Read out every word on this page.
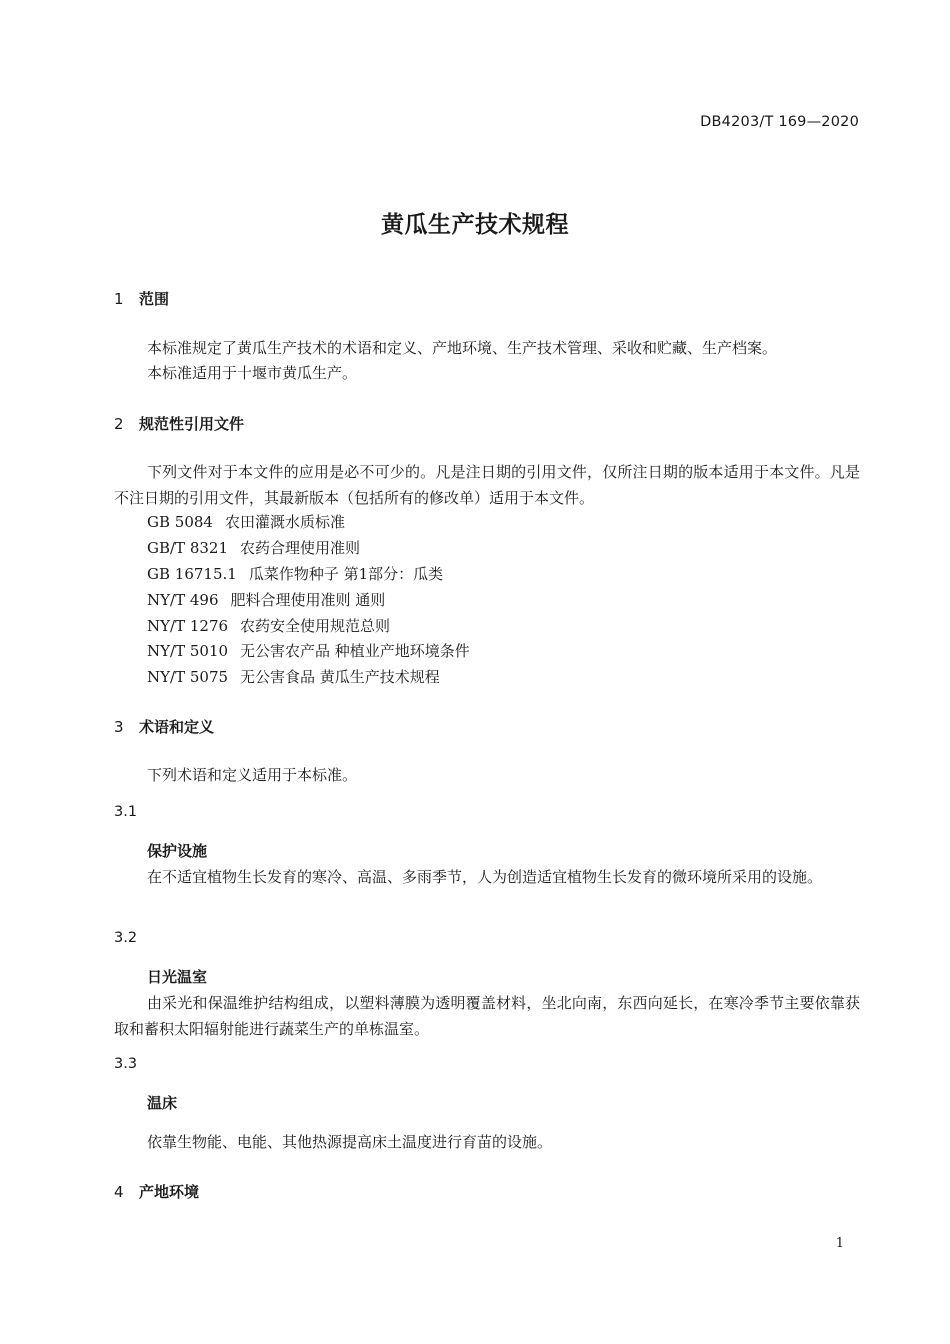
DB4203/T 169—2020
黄瓜生产技术规程
1 范围
本标准规定了黄瓜生产技术的术语和定义、产地环境、生产技术管理、采收和贮藏、生产档案。
本标准适用于十堰市黄瓜生产。
2 规范性引用文件
下列文件对于本文件的应用是必不可少的。凡是注日期的引用文件，仅所注日期的版本适用于本文件。凡是不注日期的引用文件，其最新版本（包括所有的修改单）适用于本文件。
GB 5084 农田灌溉水质标准
GB/T 8321 农药合理使用准则
GB 16715.1 瓜菜作物种子 第1部分：瓜类
NY/T 496 肥料合理使用准则 通则
NY/T 1276 农药安全使用规范总则
NY/T 5010 无公害农产品 种植业产地环境条件
NY/T 5075 无公害食品 黄瓜生产技术规程
3 术语和定义
下列术语和定义适用于本标准。
3.1
保护设施
在不适宜植物生长发育的寒冷、高温、多雨季节，人为创造适宜植物生长发育的微环境所采用的设施。
3.2
日光温室
由采光和保温维护结构组成，以塑料薄膜为透明覆盖材料，坐北向南，东西向延长，在寒冷季节主要依靠获取和蓄积太阳辐射能进行蔬菜生产的单栋温室。
3.3
温床
依靠生物能、电能、其他热源提高床土温度进行育苗的设施。
4 产地环境
1
